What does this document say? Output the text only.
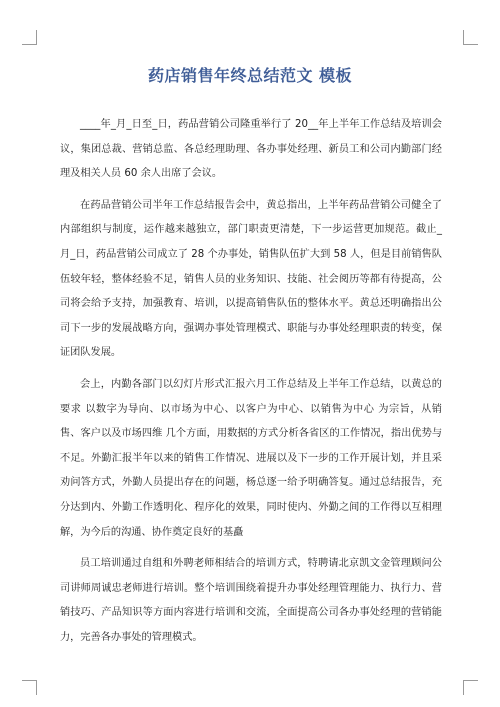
药店销售年终总结范文 模板

____年_月_日至_日，药品营销公司隆重举行了 20__年上半年工作总结及培训会议，集团总裁、营销总监、各总经理助理、各办事处经理、新员工和公司内勤部门经理及相关人员 60 余人出席了会议。

在药品营销公司半年工作总结报告会中，黄总指出，上半年药品营销公司健全了内部组织与制度，运作越来越独立，部门职责更清楚，下一步运营更加规范。截止_月_日，药品营销公司成立了 28 个办事处，销售队伍扩大到 58 人，但是目前销售队伍较年轻，整体经验不足，销售人员的业务知识、技能、社会阅历等都有待提高，公司将会给予支持，加强教育、培训，以提高销售队伍的整体水平。黄总还明确指出公司下一步的发展战略方向，强调办事处管理模式、职能与办事处经理职责的转变，保证团队发展。

会上，内勤各部门以幻灯片形式汇报六月工作总结及上半年工作总结，以黄总的要求 以数字为导向、以市场为中心、以客户为中心、以销售为中心 为宗旨，从销售、客户以及市场四维 几个方面，用数据的方式分析各省区的工作情况，指出优势与不足。外勤汇报半年以来的销售工作情况、进展以及下一步的工作开展计划，并且采劝问答方式，外勤人员提出存在的问题，杨总逐一给予明确答复。通过总结报告，充分达到内、外勤工作透明化、程序化的效果，同时使内、外勤之间的工作得以互相理解，为今后的沟通、协作奠定良好的基矗

员工培训通过自组和外聘老师相结合的培训方式，特聘请北京凯文金管理顾问公司讲师周诚忠老师进行培训。整个培训围绕着提升办事处经理管理能力、执行力、营销技巧、产品知识等方面内容进行培训和交流，全面提高公司各办事处经理的营销能力，完善各办事处的管理模式。
